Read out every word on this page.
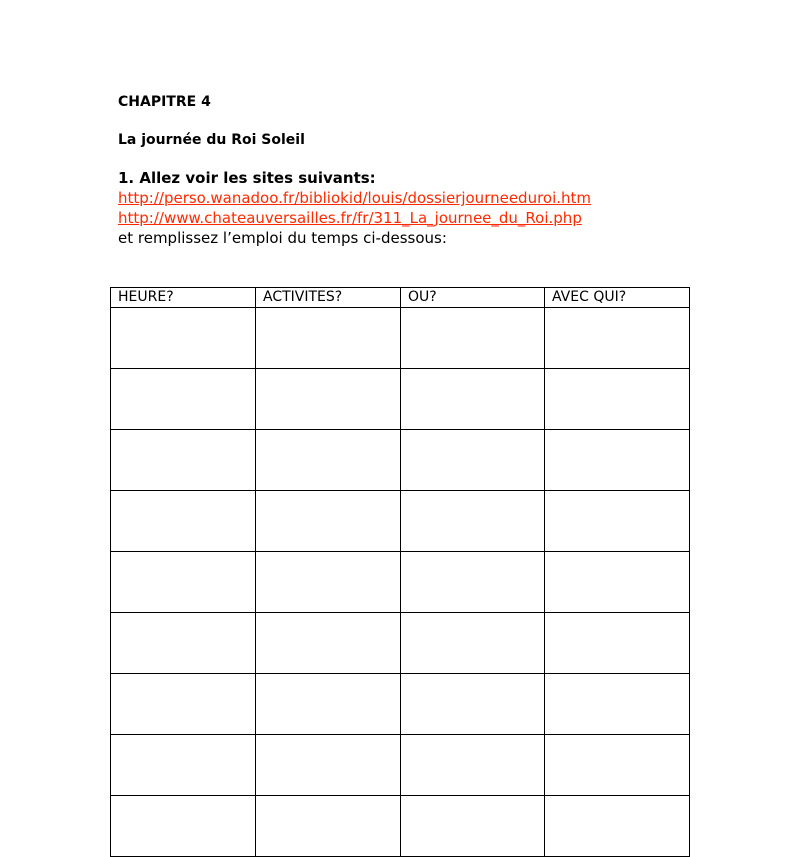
CHAPITRE 4

La journée du Roi Soleil

1. Allez voir les sites suivants:
http://perso.wanadoo.fr/bibliokid/louis/dossierjourneeduroi.htm
http://www.chateauversailles.fr/fr/311_La_journee_du_Roi.php
et remplissez l’emploi du temps ci-dessous:
HEURE?	ACTIVITES?	OU?	AVEC QUI?
